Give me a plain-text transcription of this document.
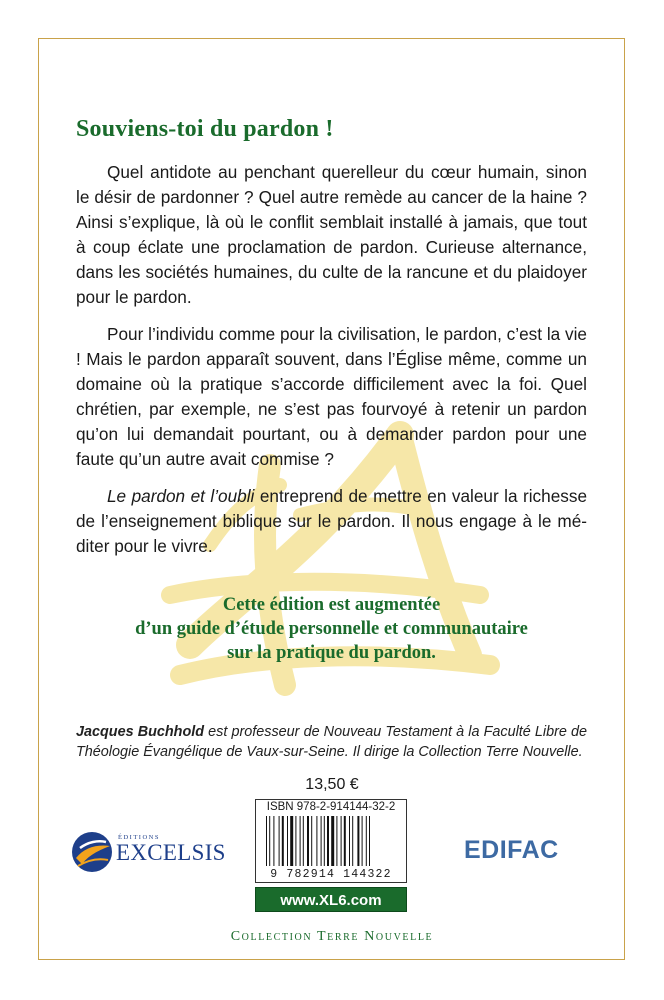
Souviens-toi du pardon !

Quel antidote au penchant querelleur du cœur humain, sinon le désir de pardonner ? Quel autre remède au cancer de la haine ? Ainsi s’explique, là où le conflit semblait installé à jamais, que tout à coup éclate une proclamation de pardon. Curieuse alternance, dans les sociétés humaines, du culte de la rancune et du plaidoyer pour le pardon.

Pour l’individu comme pour la civilisation, le pardon, c’est la vie ! Mais le pardon apparaît souvent, dans l’Église même, comme un domaine où la pratique s’accorde difficilement avec la foi. Quel chrétien, par exemple, ne s’est pas fourvoyé à retenir un pardon qu’on lui demandait pourtant, ou à demander pardon pour une faute qu’un autre avait commise ?

Le pardon et l’oubli entreprend de mettre en valeur la richesse de l’enseignement biblique sur le pardon. Il nous engage à le méditer pour le vivre.

Cette édition est augmentée
d’un guide d’étude personnelle et communautaire
sur la pratique du pardon.

Jacques Buchhold est professeur de Nouveau Testament à la Faculté Libre de Théologie Évangélique de Vaux-sur-Seine. Il dirige la Collection Terre Nouvelle.

13,50 €
ISBN 978-2-914144-32-2
9 782914 144322
www.XL6.com
ÉDITIONS
EXCELSIS	EDIFAC
Collection Terre Nouvelle
